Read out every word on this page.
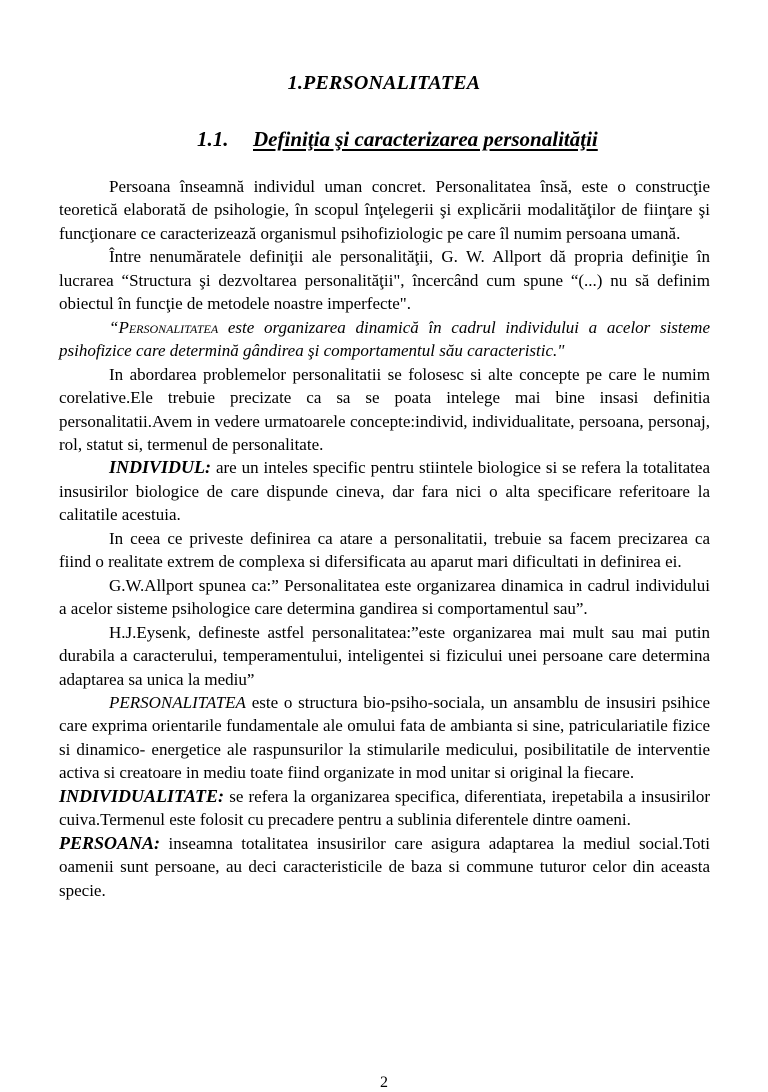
1.PERSONALITATEA
1.1. Definiţia şi caracterizarea personalităţii

Persoana înseamnă individul uman concret. Personalitatea însă, este o construcţie teoretică elaborată de psihologie, în scopul înţelegerii şi explicării modalităţilor de fiinţare şi funcţionare ce caracterizează organismul psihofiziologic pe care îl numim persoana umană.

Între nenumăratele definiţii ale personalităţii, G. W. Allport dă propria definiţie în lucrarea “Structura şi dezvoltarea personalităţii", încercând cum spune “(...) nu să definim obiectul în funcţie de metodele noastre imperfecte".

“Personalitatea este organizarea dinamică în cadrul individului a acelor sisteme psihofizice care determină gândirea şi comportamentul său caracteristic."

In abordarea problemelor personalitatii se folosesc si alte concepte pe care le numim corelative.Ele trebuie precizate ca sa se poata intelege mai bine insasi definitia personalitatii.Avem in vedere urmatoarele concepte:individ, individualitate, persoana, personaj, rol, statut si, termenul de personalitate.

INDIVIDUL: are un inteles specific pentru stiintele biologice si se refera la totalitatea insusirilor biologice de care dispunde cineva, dar fara nici o alta specificare referitoare la calitatile acestuia.

In ceea ce priveste definirea ca atare a personalitatii, trebuie sa facem precizarea ca fiind o realitate extrem de complexa si difersificata au aparut mari dificultati in definirea ei.

G.W.Allport spunea ca:” Personalitatea este organizarea dinamica in cadrul individului a acelor sisteme psihologice care determina gandirea si comportamentul sau”.

H.J.Eysenk, defineste astfel personalitatea:”este organizarea mai mult sau mai putin durabila a caracterului, temperamentului, inteligentei si fizicului unei persoane care determina adaptarea sa unica la mediu”

PERSONALITATEA este o structura bio-psiho-sociala, un ansamblu de insusiri psihice care exprima orientarile fundamentale ale omului fata de ambianta si sine, patriculariatile fizice si dinamico- energetice ale raspunsurilor la stimularile medicului, posibilitatile de interventie activa si creatoare in mediu toate fiind organizate in mod unitar si original la fiecare.

INDIVIDUALITATE: se refera la organizarea specifica, diferentiata, irepetabila a insusirilor cuiva.Termenul este folosit cu precadere pentru a sublinia diferentele dintre oameni.

PERSOANA: inseamna totalitatea insusirilor care asigura adaptarea la mediul social.Toti oamenii sunt persoane, au deci caracteristicile de baza si commune tuturor celor din aceasta specie.

2
